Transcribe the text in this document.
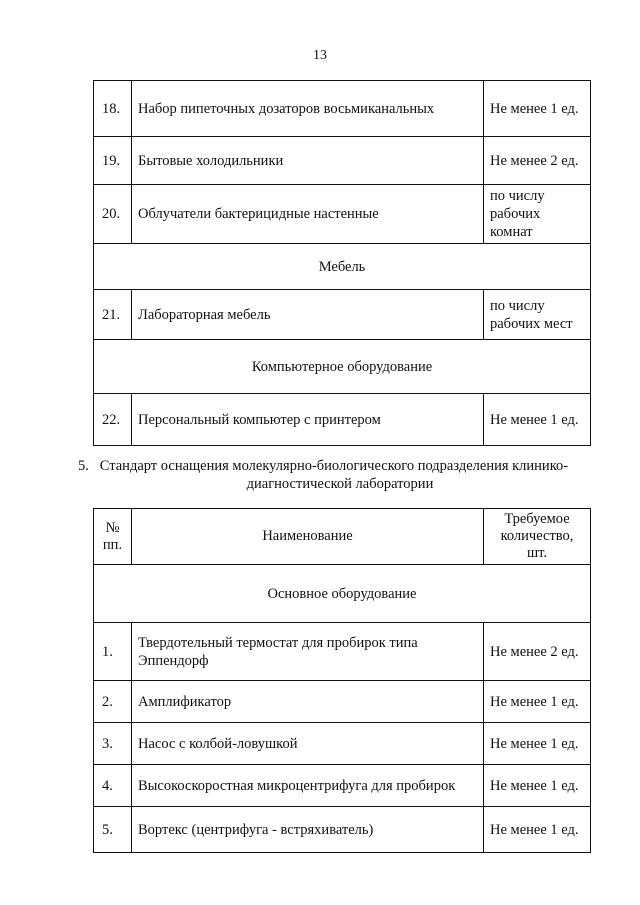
13
18.	Набор пипеточных дозаторов восьмиканальных	Не менее 1 ед.
19.	Бытовые холодильники	Не менее 2 ед.
20.	Облучатели бактерицидные настенные	по числу рабочих комнат
Мебель		
21.	Лабораторная мебель	по числу рабочих мест
Компьютерное оборудование		
22.	Персональный компьютер с принтером	Не менее 1 ед.
5. Стандарт оснащения молекулярно-биологического подразделения клинико-
диагностической лаборатории
№ пп.	Наименование	Требуемое количество, шт.
Основное оборудование		
1.	Твердотельный термостат для пробирок типа Эппендорф	Не менее 2 ед.
2.	Амплификатор	Не менее 1 ед.
3.	Насос с колбой-ловушкой	Не менее 1 ед.
4.	Высокоскоростная микроцентрифуга для пробирок	Не менее 1 ед.
5.	Вортекс (центрифуга - встряхиватель)	Не менее 1 ед.
